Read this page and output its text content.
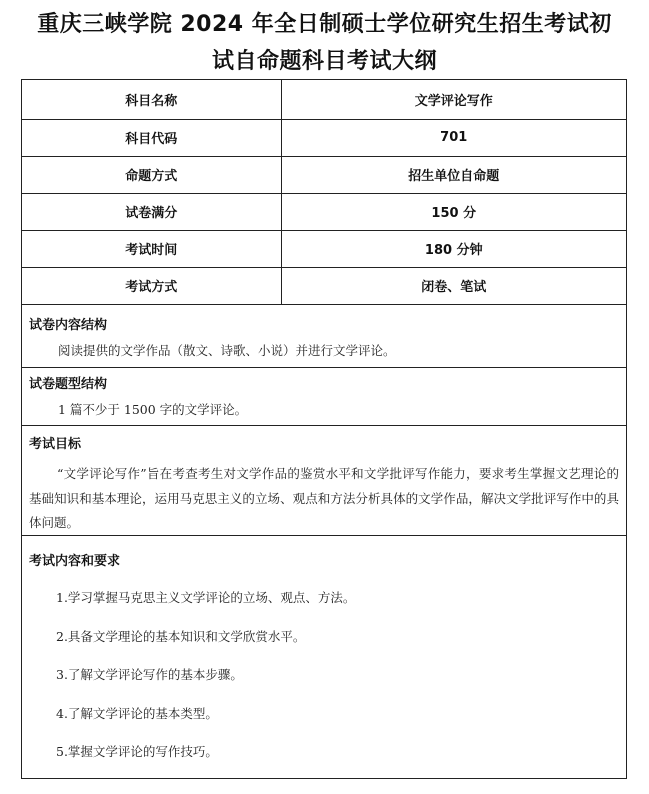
重庆三峡学院 2024 年全日制硕士学位研究生招生考试初
试自命题科目考试大纲
科目名称	文学评论写作
科目代码	701
命题方式	招生单位自命题
试卷满分	150 分
考试时间	180 分钟
考试方式	闭卷、笔试
试卷内容结构
阅读提供的文学作品（散文、诗歌、小说）并进行文学评论。
试卷题型结构
1 篇不少于 1500 字的文学评论。
考试目标
“文学评论写作”旨在考查考生对文学作品的鉴赏水平和文学批评写作能力，要求考生掌握文艺理论的基础知识和基本理论，运用马克思主义的立场、观点和方法分析具体的文学作品，解决文学批评写作中的具体问题。
考试内容和要求
1.学习掌握马克思主义文学评论的立场、观点、方法。
2.具备文学理论的基本知识和文学欣赏水平。
3.了解文学评论写作的基本步骤。
4.了解文学评论的基本类型。
5.掌握文学评论的写作技巧。
